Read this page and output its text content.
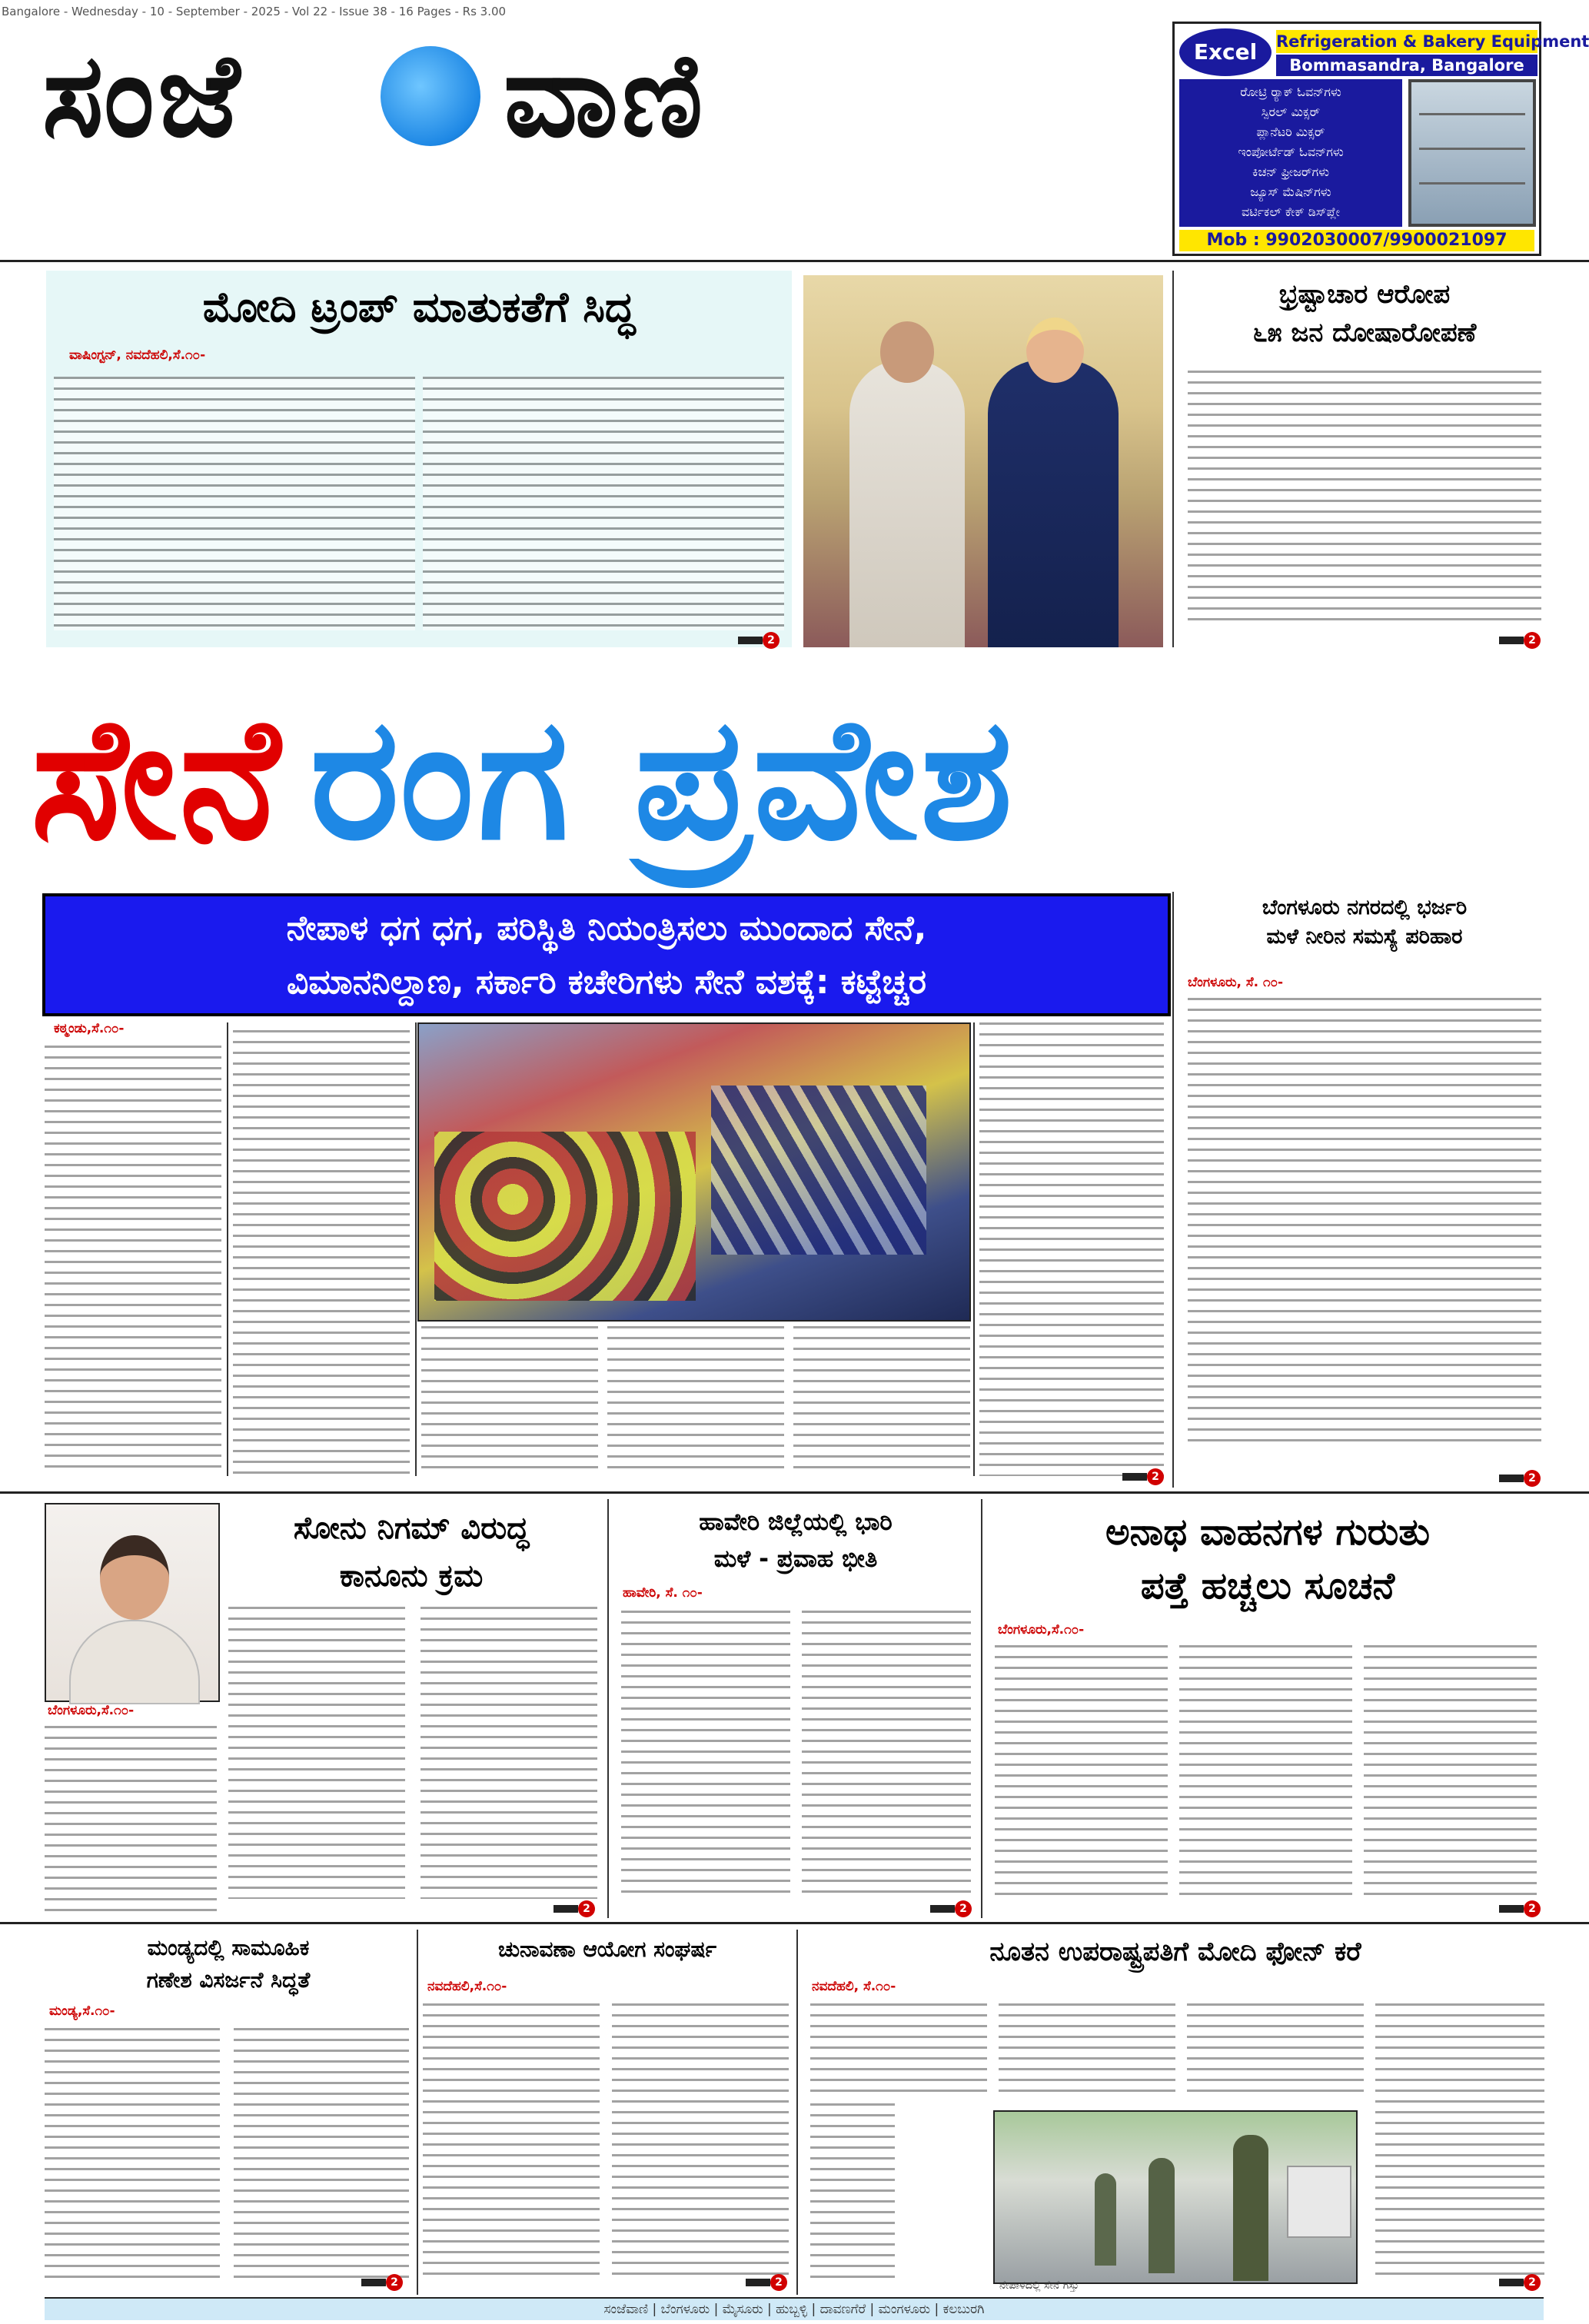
Bangalore - Wednesday - 10 - September - 2025 - Vol 22 - Issue 38 - 16 Pages - Rs 3.00
ಸಂಜೆ ವಾಣಿ	Excel	Refrigeration & Bakery Equipment
Bommasandra, Bangalore
ರೋಟ್ರಿ ರ್‍ಯಾಕ್ ಓವನ್‌ಗಳು
ಸ್ಪಿರಲ್ ಮಿಕ್ಸರ್
ಪ್ಲಾನೆಟರಿ ಮಿಕ್ಸರ್
ಇಂಪೋರ್ಟೆಡ್ ಓವನ್‌ಗಳು
ಕಿಚನ್ ಫ್ರೀಜರ್‌ಗಳು
ಜ್ಯೂಸ್ ಮೆಷಿನ್‌ಗಳು
ವರ್ಟಿಕಲ್ ಕೇಕ್ ಡಿಸ್‌ಪ್ಲೇ
Mob : 9902030007/9900021097
ಮೋದಿ ಟ್ರಂಪ್ ಮಾತುಕತೆಗೆ ಸಿದ್ಧ
ವಾಷಿಂಗ್ಟನ್, ನವದೆಹಲಿ,ಸೆ.೧೦-
2
ಭ್ರಷ್ಟಾಚಾರ ಆರೋಪ
೬೫ ಜನ ದೋಷಾರೋಪಣೆ
2
ಸೇನೆ ರಂಗ ಪ್ರವೇಶ
ನೇಪಾಳ ಧಗ ಧಗ, ಪರಿಸ್ಥಿತಿ ನಿಯಂತ್ರಿಸಲು ಮುಂದಾದ ಸೇನೆ,
ವಿಮಾನನಿಲ್ದಾಣ, ಸರ್ಕಾರಿ ಕಚೇರಿಗಳು ಸೇನೆ ವಶಕ್ಕೆ: ಕಟ್ಟೆಚ್ಚರ
ಕಠ್ಮಂಡು,ಸೆ.೧೦-
2
ಬೆಂಗಳೂರು ನಗರದಲ್ಲಿ ಭರ್ಜರಿ
ಮಳೆ ನೀರಿನ ಸಮಸ್ಯೆ ಪರಿಹಾರ
ಬೆಂಗಳೂರು, ಸೆ. ೧೦-
2
ಸೋನು ನಿಗಮ್ ವಿರುದ್ಧ
ಕಾನೂನು ಕ್ರಮ
ಬೆಂಗಳೂರು,ಸೆ.೧೦-
2
ಹಾವೇರಿ ಜಿಲ್ಲೆಯಲ್ಲಿ ಭಾರಿ
ಮಳೆ - ಪ್ರವಾಹ ಭೀತಿ
ಹಾವೇರಿ, ಸೆ. ೧೦-
2
ಅನಾಥ ವಾಹನಗಳ ಗುರುತು
ಪತ್ತೆ ಹಚ್ಚಲು ಸೂಚನೆ
ಬೆಂಗಳೂರು,ಸೆ.೧೦-
2
ಮಂಡ್ಯದಲ್ಲಿ ಸಾಮೂಹಿಕ
ಗಣೇಶ ವಿಸರ್ಜನೆ ಸಿದ್ಧತೆ
ಮಂಡ್ಯ,ಸೆ.೧೦-
2
ಚುನಾವಣಾ ಆಯೋಗ ಸಂಘರ್ಷ
ನವದೆಹಲಿ,ಸೆ.೧೦-
2
ನೂತನ ಉಪರಾಷ್ಟ್ರಪತಿಗೆ ಮೋದಿ ಫೋನ್ ಕರೆ
ನವದೆಹಲಿ, ಸೆ.೧೦-
ನೇಪಾಳದಲ್ಲಿ ಸೇನೆ ಗಸ್ತು	2
ಸಂಜೆವಾಣಿ | ಬೆಂಗಳೂರು | ಮೈಸೂರು | ಹುಬ್ಬಳ್ಳಿ | ದಾವಣಗೆರೆ | ಮಂಗಳೂರು | ಕಲಬುರಗಿ
